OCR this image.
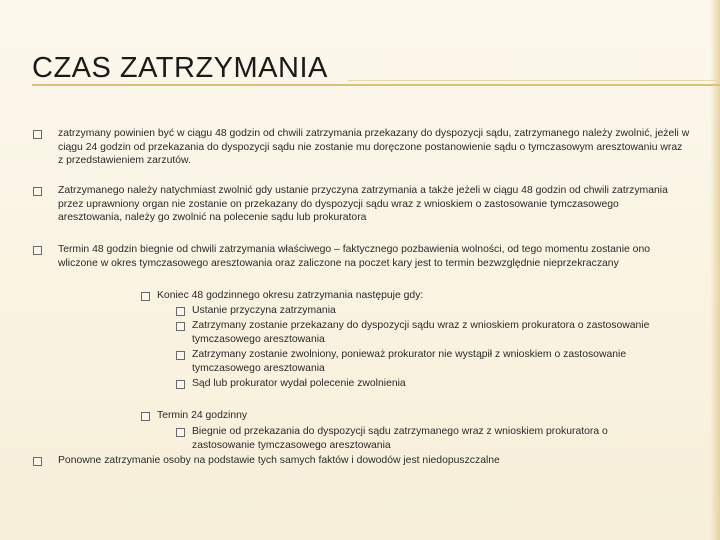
CZAS ZATRZYMANIA
zatrzymany powinien być w ciągu 48 godzin od chwili zatrzymania przekazany do dyspozycji sądu, zatrzymanego należy zwolnić, jeżeli w ciągu 24 godzin od przekazania do dyspozycji sądu nie zostanie mu doręczone postanowienie sądu o tymczasowym aresztowaniu wraz z przedstawieniem zarzutów.
Zatrzymanego należy natychmiast zwolnić gdy ustanie przyczyna zatrzymania a także jeżeli w ciągu 48 godzin od chwili zatrzymania przez uprawniony organ nie zostanie on przekazany do dyspozycji sądu wraz z wnioskiem o zastosowanie tymczasowego aresztowania, należy go zwolnić na polecenie sądu lub prokuratora
Termin 48 godzin biegnie od chwili zatrzymania właściwego – faktycznego pozbawienia wolności, od tego momentu zostanie ono wliczone w okres tymczasowego aresztowania oraz zaliczone na poczet kary jest to termin bezwzględnie nieprzekraczany
Koniec 48 godzinnego okresu zatrzymania następuje gdy:
Ustanie przyczyna zatrzymania
Zatrzymany zostanie przekazany do dyspozycji sądu wraz z wnioskiem prokuratora o zastosowanie tymczasowego aresztowania
Zatrzymany zostanie zwolniony, ponieważ prokurator nie wystąpił z wnioskiem o zastosowanie tymczasowego aresztowania
Sąd lub prokurator wydał polecenie zwolnienia
Termin 24 godzinny
Biegnie od przekazania do dyspozycji sądu zatrzymanego wraz z wnioskiem prokuratora o zastosowanie tymczasowego aresztowania
Ponowne zatrzymanie osoby na podstawie tych samych faktów i dowodów jest niedopuszczalne
